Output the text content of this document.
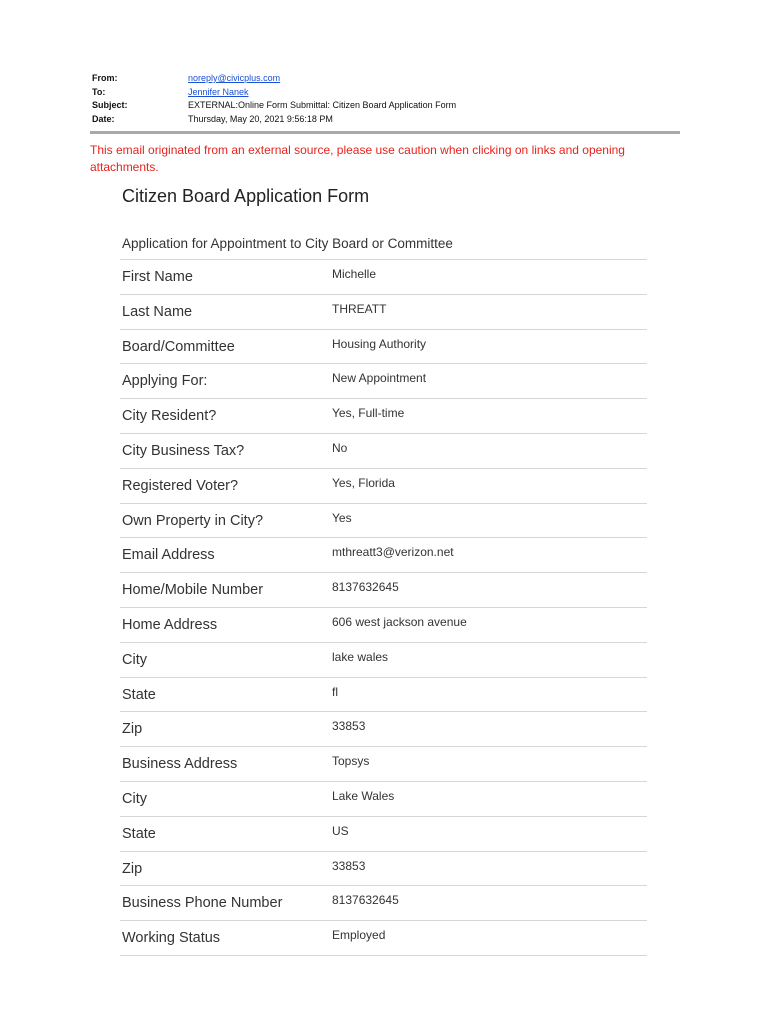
From:	noreply@civicplus.com
To:	Jennifer Nanek
Subject:	EXTERNAL:Online Form Submittal: Citizen Board Application Form
Date:	Thursday, May 20, 2021 9:56:18 PM
This email originated from an external source, please use caution when clicking on links and opening attachments.
Citizen Board Application Form
Application for Appointment to City Board or Committee
First Name	Michelle
Last Name	THREATT
Board/Committee	Housing Authority
Applying For:	New Appointment
City Resident?	Yes, Full-time
City Business Tax?	No
Registered Voter?	Yes, Florida
Own Property in City?	Yes
Email Address	mthreatt3@verizon.net
Home/Mobile Number	8137632645
Home Address	606 west jackson avenue
City	lake wales
State	fl
Zip	33853
Business Address	Topsys
City	Lake Wales
State	US
Zip	33853
Business Phone Number	8137632645
Working Status	Employed
